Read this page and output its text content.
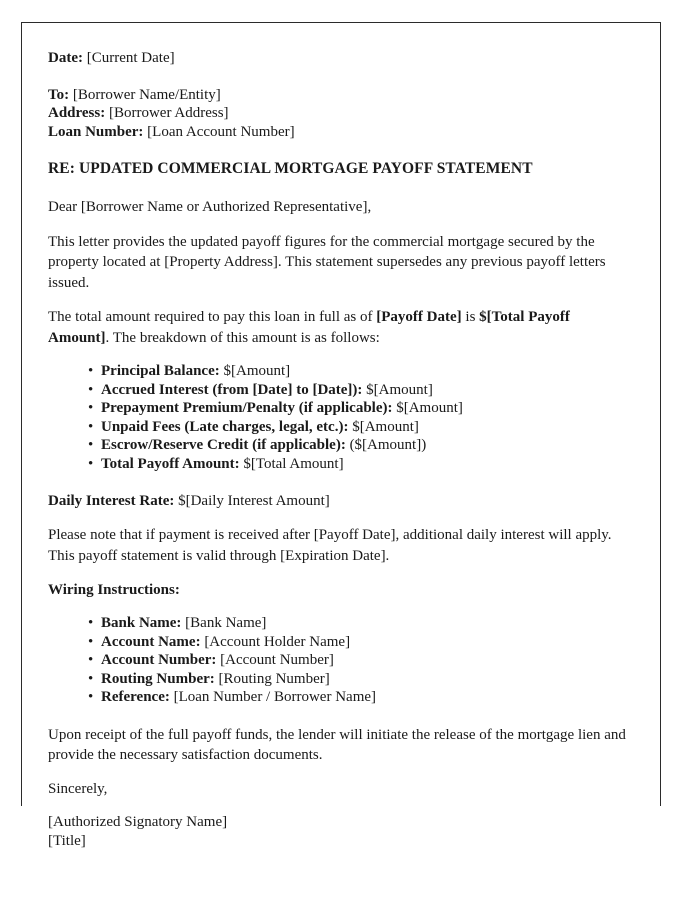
Date: [Current Date]
To: [Borrower Name/Entity]
Address: [Borrower Address]
Loan Number: [Loan Account Number]
RE: UPDATED COMMERCIAL MORTGAGE PAYOFF STATEMENT
Dear [Borrower Name or Authorized Representative],
This letter provides the updated payoff figures for the commercial mortgage secured by the property located at [Property Address]. This statement supersedes any previous payoff letters issued.
The total amount required to pay this loan in full as of [Payoff Date] is $[Total Payoff Amount]. The breakdown of this amount is as follows:
• Principal Balance: $[Amount]
• Accrued Interest (from [Date] to [Date]): $[Amount]
• Prepayment Premium/Penalty (if applicable): $[Amount]
• Unpaid Fees (Late charges, legal, etc.): $[Amount]
• Escrow/Reserve Credit (if applicable): ($[Amount])
• Total Payoff Amount: $[Total Amount]
Daily Interest Rate: $[Daily Interest Amount]
Please note that if payment is received after [Payoff Date], additional daily interest will apply. This payoff statement is valid through [Expiration Date].
Wiring Instructions:
• Bank Name: [Bank Name]
• Account Name: [Account Holder Name]
• Account Number: [Account Number]
• Routing Number: [Routing Number]
• Reference: [Loan Number / Borrower Name]
Upon receipt of the full payoff funds, the lender will initiate the release of the mortgage lien and provide the necessary satisfaction documents.
Sincerely,
[Authorized Signatory Name]
[Title]
